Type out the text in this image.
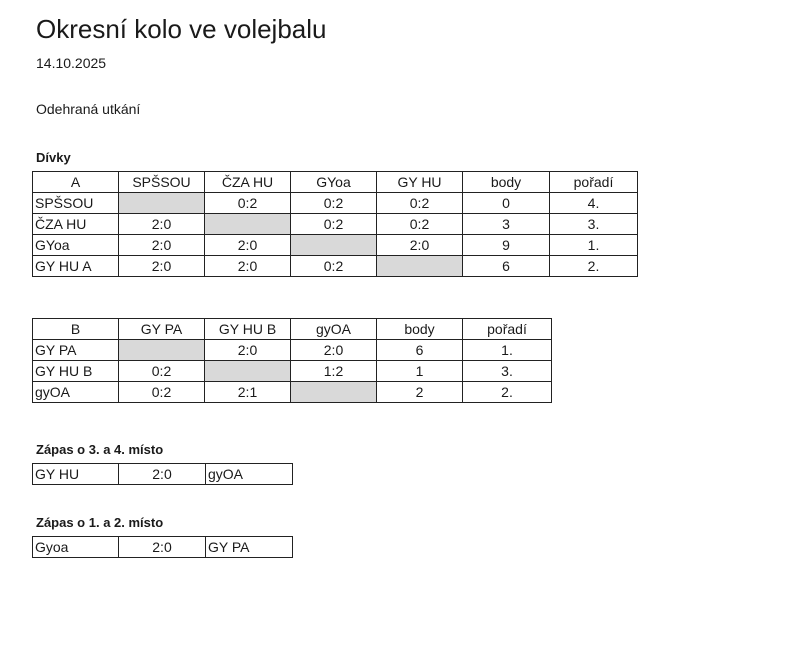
Okresní kolo ve volejbalu
14.10.2025
Odehraná utkání
Dívky
A	SPŠSOU	ČZA HU	GYoa	GY HU	body	pořadí
SPŠSOU		0:2	0:2	0:2	0	4.
ČZA HU	2:0		0:2	0:2	3	3.
GYoa	2:0	2:0		2:0	9	1.
GY HU A	2:0	2:0	0:2		6	2.
B	GY PA	GY HU B	gyOA	body	pořadí
GY PA		2:0	2:0	6	1.
GY HU B	0:2		1:2	1	3.
gyOA	0:2	2:1		2	2.
Zápas o 3. a 4. místo
GY HU	2:0	gyOA
Zápas o 1. a 2. místo
Gyoa	2:0	GY PA
